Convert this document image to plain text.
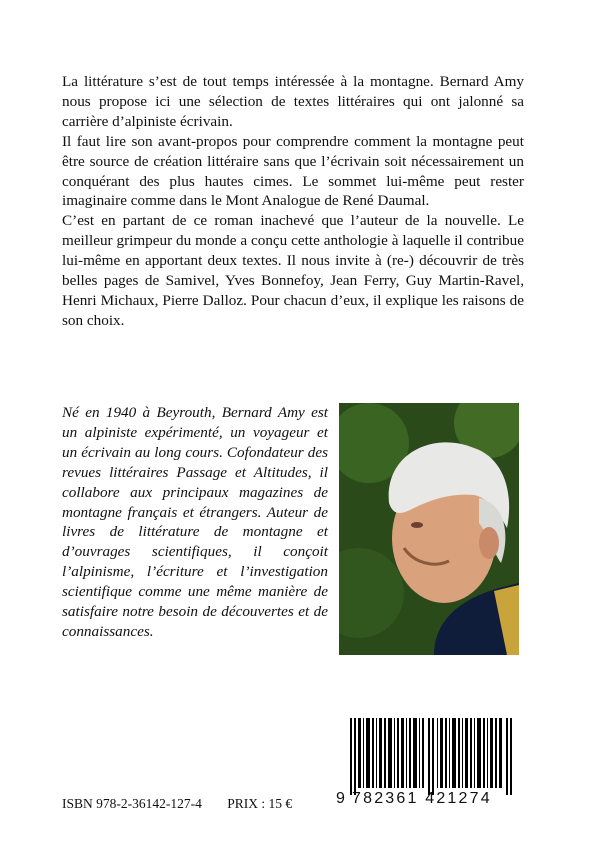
La littérature s’est de tout temps intéressée à la montagne. Bernard Amy nous propose ici une sélection de textes littéraires qui ont jalonné sa carrière d’alpiniste écrivain.

Il faut lire son avant-propos pour comprendre comment la montagne peut être source de création littéraire sans que l’écrivain soit nécessairement un conquérant des plus hautes cimes. Le sommet lui-même peut rester imaginaire comme dans le Mont Analogue de René Daumal.

C’est en partant de ce roman inachevé que l’auteur de la nouvelle. Le meilleur grimpeur du monde a conçu cette anthologie à laquelle il contribue lui-même en apportant deux textes. Il nous invite à (re-) découvrir de très belles pages de Samivel, Yves Bonnefoy, Jean Ferry, Guy Martin-Ravel, Henri Michaux, Pierre Dalloz. Pour chacun d’eux, il explique les raisons de son choix.

Né en 1940 à Beyrouth, Bernard Amy est un alpiniste expérimenté, un voyageur et un écrivain au long cours. Cofondateur des revues littéraires Passage et Altitudes, il collabore aux principaux magazines de montagne français et étrangers. Auteur de livres de littérature de montagne et d’ouvrages scientifiques, il conçoit l’alpinisme, l’écriture et l’investigation scientifique comme une même manière de satisfaire notre besoin de découvertes et de connaissances.
9 782361 421274
ISBN 978-2-36142-127-4 PRIX : 15 €
